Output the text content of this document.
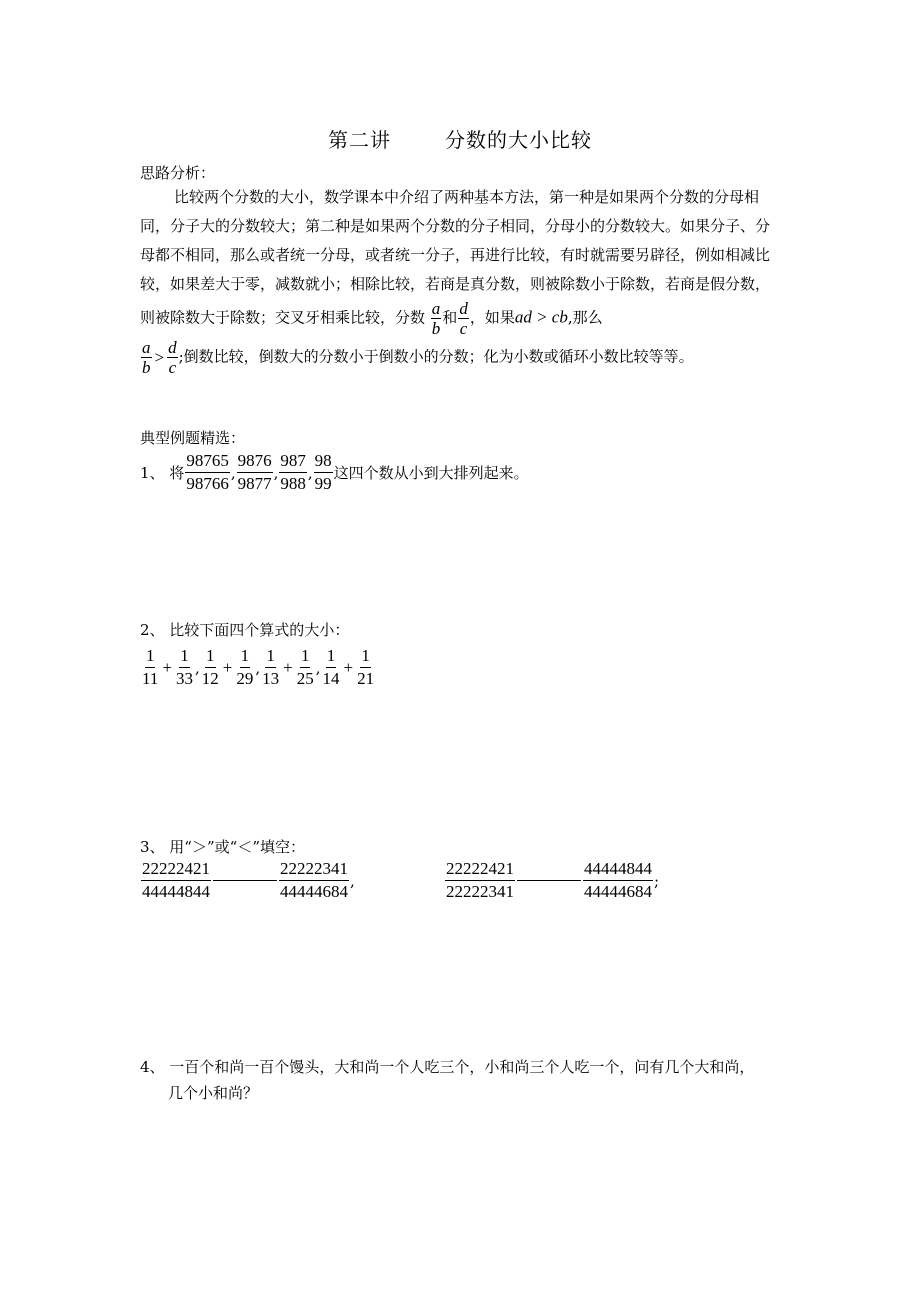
第二讲	分数的大小比较
思路分析：
比较两个分数的大小，数学课本中介绍了两种基本方法，第一种是如果两个分数的分母相同，分子大的分数较大；第二种是如果两个分数的分子相同，分母小的分数较大。如果分子、分母都不相同，那么或者统一分母，或者统一分子，再进行比较，有时就需要另辟径，例如相减比较，如果差大于零，减数就小；相除比较，若商是真分数，则被除数小于除数，若商是假分数，则被除数大于除数；交叉牙相乘比较，分数 $\frac{a}{b}$ 和 $\frac{d}{c}$ ，如果ad > cb,那么

$\frac{a}{b} > \frac{d}{c}$ ;倒数比较，倒数大的分数小于倒数小的分数；化为小数或循环小数比较等等。
典型例题精选：
1、 将 $\frac{98765}{98766}$ , $\frac{9876}{9877}$ , $\frac{987}{988}$ , $\frac{98}{99}$ 这四个数从小到大排列起来。
2、 比较下面四个算式的大小：
$\frac{1}{11} + \frac{1}{33}$ , $\frac{1}{12} + \frac{1}{29}$ , $\frac{1}{13} + \frac{1}{25}$ , $\frac{1}{14} + \frac{1}{21}$
3、 用“＞”或“＜”填空：
$\frac{22222421}{44444844}$	$\frac{22222341}{44444684}$ ,	$\frac{22222421}{22222341}$	$\frac{44444844}{44444684}$ ;
4、 一百个和尚一百个馒头，大和尚一个人吃三个，小和尚三个人吃一个，问有几个大和尚，
几个小和尚？
